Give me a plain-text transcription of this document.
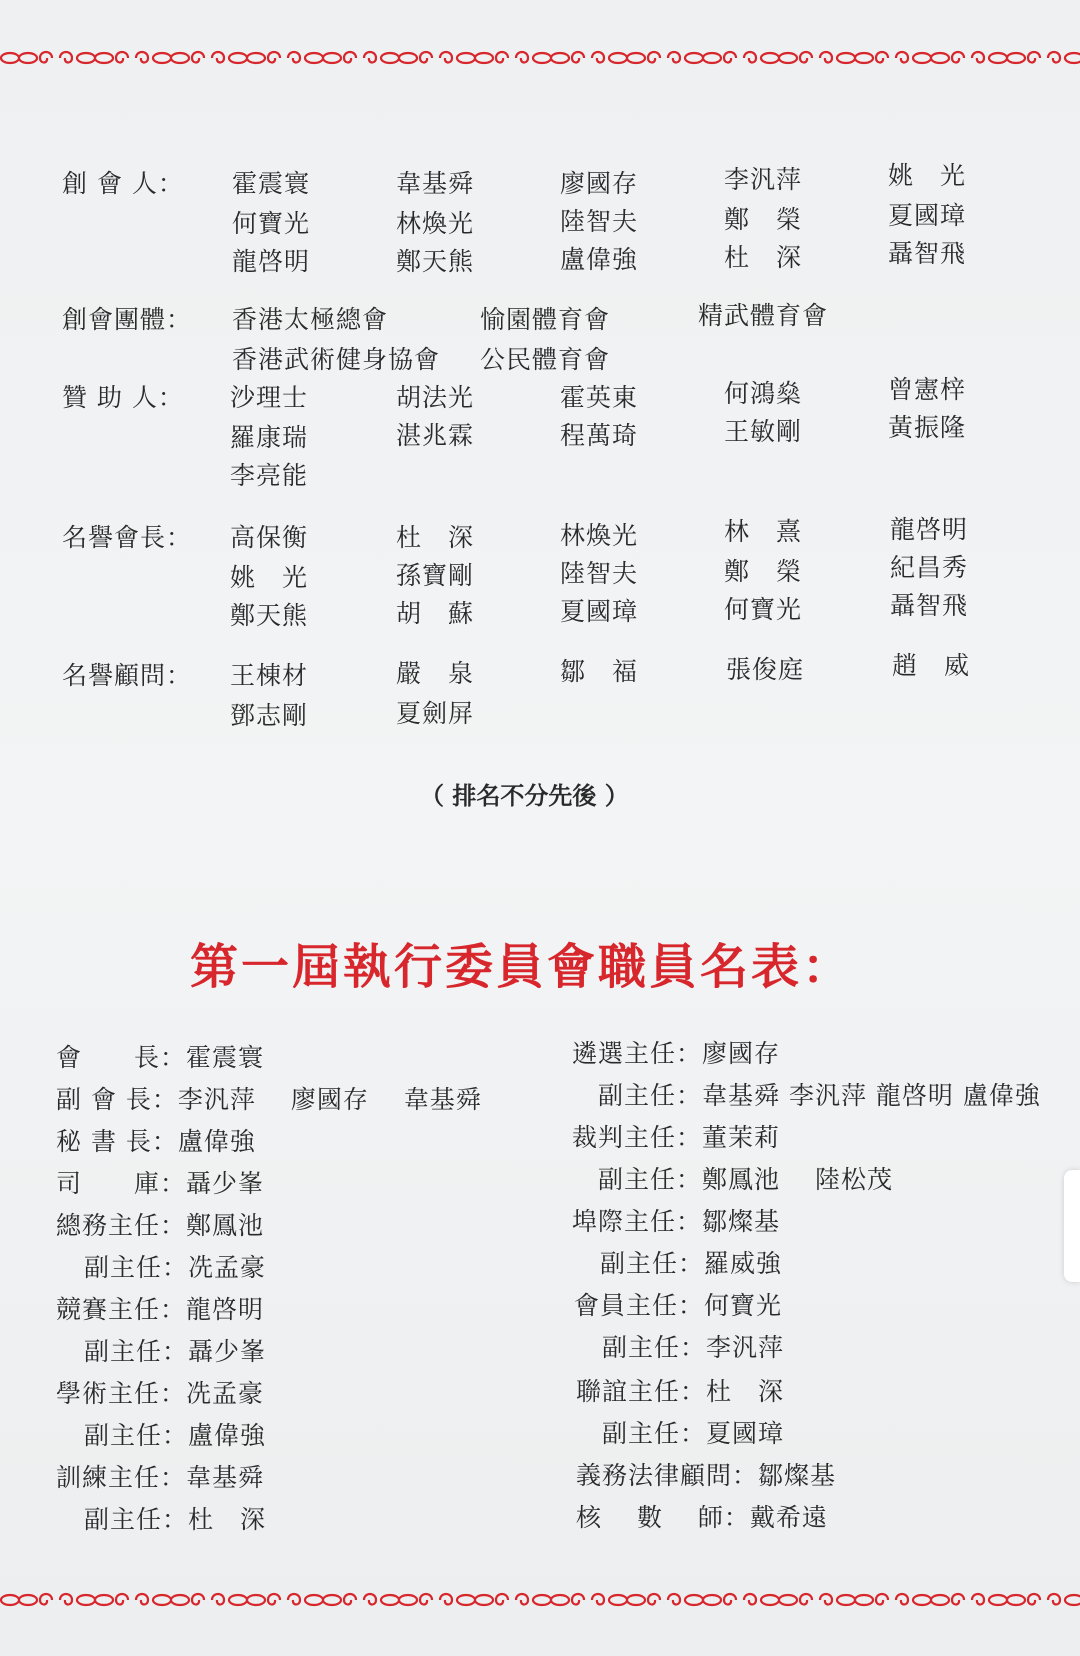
創 會 人： 霍震寰	韋基舜	廖國存	李汎萍	姚　光
何寶光	林煥光	陸智夫	鄭　榮	夏國璋
龍啓明	鄭天熊	盧偉強	杜　深	聶智飛
創會團體： 香港太極總會	愉園體育會	精武體育會
香港武術健身協會 公民體育會
贊 助 人： 沙理士	胡法光	霍英東	何鴻燊	曾憲梓
羅康瑞	湛兆霖	程萬琦	王敏剛	黃振隆
李亮能
名譽會長： 高保衡	杜　深	林煥光	林　熹	龍啓明
姚　光	孫寶剛	陸智夫	鄭　榮	紀昌秀
鄭天熊	胡　蘇	夏國璋	何寶光	聶智飛
名譽顧問： 王棟材	嚴　泉	鄒　福	張俊庭	趙　威
鄧志剛	夏劍屏
（ 排名不分先後 ）
第一屆執行委員會職員名表：
會　　長：霍震寰
副 會 長：李汎萍　 廖國存　 韋基舜
秘 書 長：盧偉強
司　　庫：聶少峯
總務主任：鄭鳳池
副主任：冼孟豪
競賽主任：龍啓明
副主任：聶少峯
學術主任：冼孟豪
副主任：盧偉強
訓練主任：韋基舜
副主任：杜　深
遴選主任：廖國存
副主任：韋基舜 李汎萍 龍啓明 盧偉強
裁判主任：董茉莉
副主任：鄭鳳池　 陸松茂
埠際主任：鄒燦基
副主任：羅威強
會員主任：何寶光
副主任：李汎萍
聯誼主任：杜　深
副主任：夏國璋
義務法律顧問：鄒燦基
核　 數　 師：戴希遠
